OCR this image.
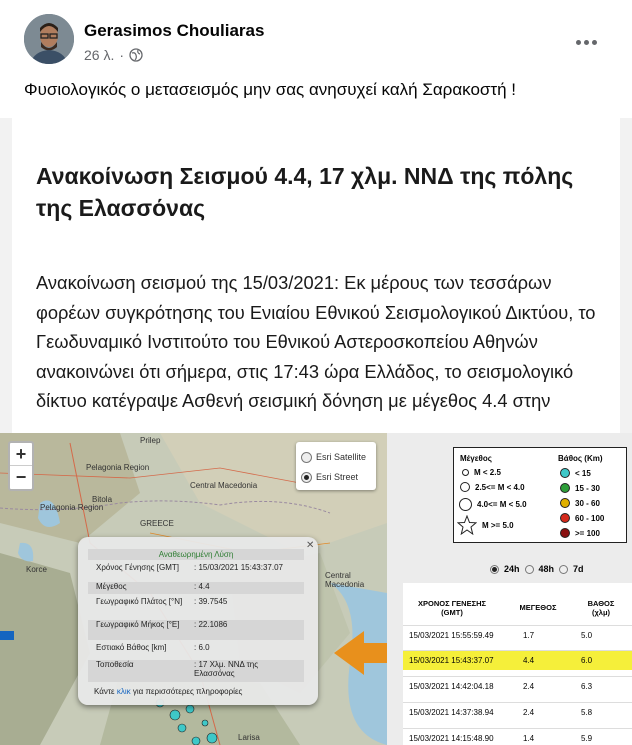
Gerasimos Chouliaras
26 λ. ·
Φυσιολογικός ο μετασεισμός μην σας ανησυχεί καλή Σαρακοστή !
Ανακοίνωση Σεισμού 4.4, 17 χλμ. ΝΝΔ της πόλης της Ελασσόνας
Ανακοίνωση σεισμού της 15/03/2021: Εκ μέρους των τεσσάρων φορέων συγκρότησης του Ενιαίου Εθνικού Σεισμολογικού Δικτύου, το Γεωδυναμικό Ινστιτούτο του Εθνικού Αστεροσκοπείου Αθηνών ανακοινώνει ότι σήμερα, στις 17:43 ώρα Ελλάδος, το σεισμολογικό δίκτυο κατέγραψε Ασθενή σεισμική δόνηση με μέγεθος 4.4 στην
Prilep
Pelagonia Region
Bitola
Pelagonia Region
Central Macedonia
Korce
Central Macedonia
GREECE
Larisa
+
−
Esri Satellite
Esri Street
✕
Αναθεωρημένη Λύση
Χρόνος Γένησης [GMT]	: 15/03/2021 15:43:37.07
Μέγεθος	: 4.4
Γεωγραφικό Πλάτος [°N]	: 39.7545
Γεωγραφικό Μήκος [°E]	: 22.1086
Εστιακό Βάθος [km]	: 6.0
Τοποθεσία	: 17 Χλμ. ΝΝΔ της Ελασσόνας
Κάντε κλικ για περισσότερες πληροφορίες
Μέγεθος	Βάθος (Km)
M < 2.5
2.5<= M < 4.0
4.0<= M < 5.0
M >= 5.0
< 15
15 - 30
30 - 60
60 - 100
>= 100
24h 48h 7d
ΧΡΟΝΟΣ ΓΕΝΕΣΗΣ (GMT)
ΜΕΓΕΘΟΣ	ΒΑΘΟΣ (χλμ)
15/03/2021 15:55:59.49	1.7	5.0
15/03/2021 15:43:37.07	4.4	6.0
15/03/2021 14:42:04.18	2.4	6.3
15/03/2021 14:37:38.94	2.4	5.8
15/03/2021 14:15:48.90	1.4	5.9
